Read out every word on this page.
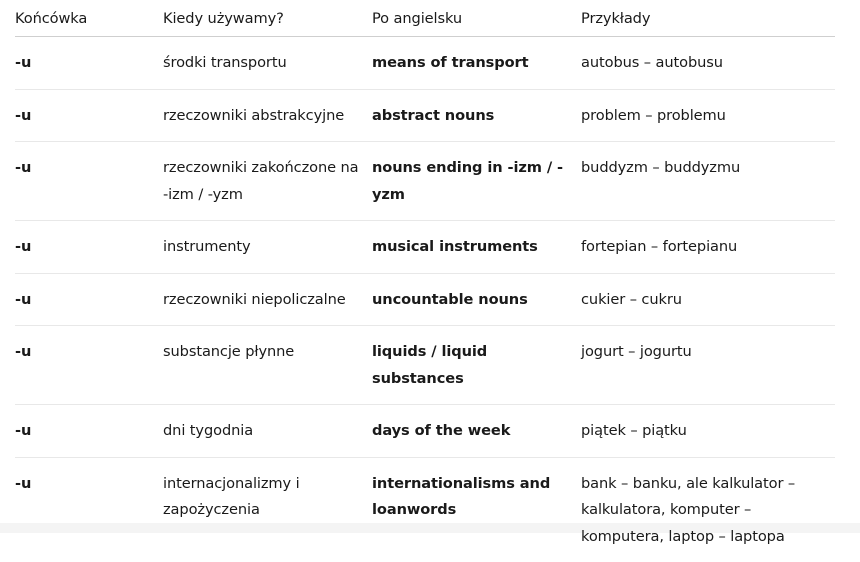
Końcówka	Kiedy używamy?	Po angielsku	Przykłady
-u	środki transportu	means of transport	autobus – autobusu
-u	rzeczowniki abstrakcyjne	abstract nouns	problem – problemu
-u	rzeczowniki zakończone na -izm / -yzm	nouns ending in -izm / -yzm	buddyzm – buddyzmu
-u	instrumenty	musical instruments	fortepian – fortepianu
-u	rzeczowniki niepoliczalne	uncountable nouns	cukier – cukru
-u	substancje płynne	liquids / liquid substances	jogurt – jogurtu
-u	dni tygodnia	days of the week	piątek – piątku
-u	internacjonalizmy i zapożyczenia	internationalisms and loanwords	bank – banku, ale kalkulator – kalkulatora, komputer – komputera, laptop – laptopa
